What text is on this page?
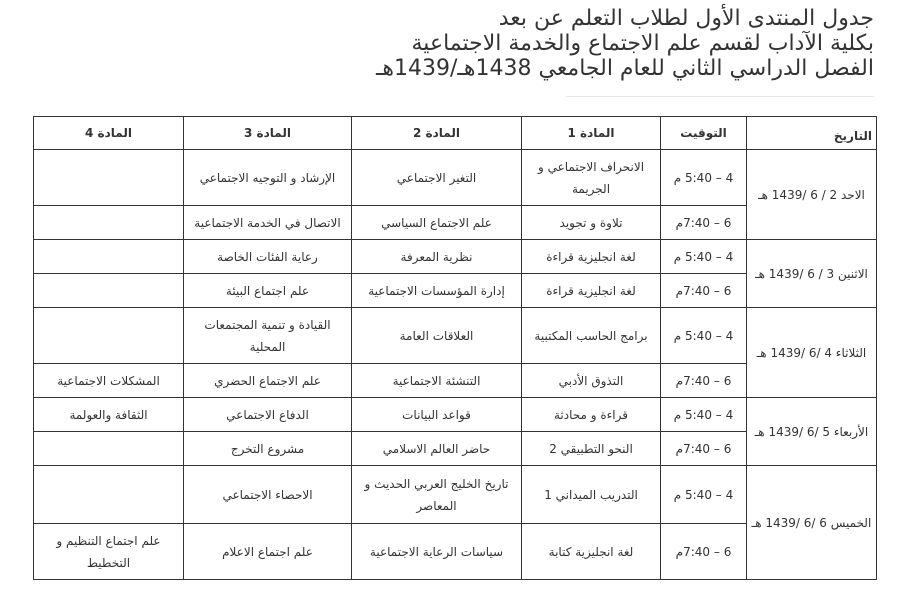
جدول المنتدى الأول لطلاب التعلم عن بعد
بكلية الآداب لقسم علم الاجتماع والخدمة الاجتماعية
الفصل الدراسي الثاني للعام الجامعي 1438هـ/1439هـ
التاريخ	التوقيت	المادة 1	المادة 2	المادة 3	المادة 4
الاحد 2 / 6 /1439 هـ	4 – 5:40 م	الانحراف الاجتماعي و الجريمة	التغير الاجتماعي	الإرشاد و التوجيه الاجتماعي	
	6 – 7:40م	تلاوة و تجويد	علم الاجتماع السياسي	الاتصال في الخدمة الاجتماعية	
الاثنين 3 / 6 /1439 هـ	4 – 5:40 م	لغة انجليزية قراءة	نظرية المعرفة	رعاية الفئات الخاصة	
	6 – 7:40م	لغة انجليزية قراءة	إدارة المؤسسات الاجتماعية	علم اجتماع البيئة	
الثلاثاء 4 /6 /1439 هـ	4 – 5:40 م	برامج الحاسب المكتبية	العلاقات العامة	القيادة و تنمية المجتمعات المحلية	
	6 – 7:40م	التذوق الأدبي	التنشئة الاجتماعية	علم الاجتماع الحضري	المشكلات الاجتماعية
الأربعاء 5 /6 /1439 هـ	4 – 5:40 م	قراءة و محادثة	قواعد البيانات	الدفاع الاجتماعي	الثقافة والعولمة
	6 – 7:40م	النحو التطبيقي 2	حاضر العالم الاسلامي	مشروع التخرج	
الخميس 6 /6 /1439 هـ	4 – 5:40 م	التدريب الميداني 1	تاريخ الخليج العربي الحديث و المعاصر	الاحصاء الاجتماعي	
	6 – 7:40م	لغة انجليزية كتابة	سياسات الرعاية الاجتماعية	علم اجتماع الاعلام	علم اجتماع التنظيم و التخطيط
